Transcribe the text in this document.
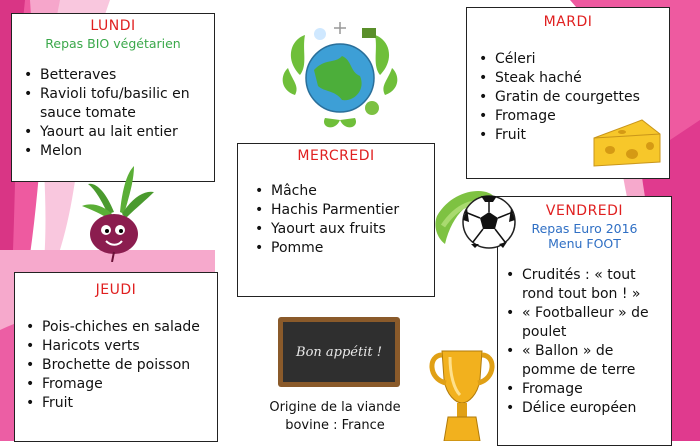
LUNDI
Repas BIO végétarien
• Betteraves
• Ravioli tofu/basilic en sauce tomate
• Yaourt au lait entier
• Melon
MARDI
• Céleri
• Steak haché
• Gratin de courgettes
• Fromage
• Fruit
MERCREDI
• Mâche
• Hachis Parmentier
• Yaourt aux fruits
• Pomme
JEUDI
• Pois-chiches en salade
• Haricots verts
• Brochette de poisson
• Fromage
• Fruit
VENDREDI
Repas Euro 2016
Menu FOOT
• Crudités : « tout rond tout bon ! »
• « Footballeur » de poulet
• « Ballon » de pomme de terre
• Fromage
• Délice européen
Bon appétit !
Origine de la viande
bovine : France
